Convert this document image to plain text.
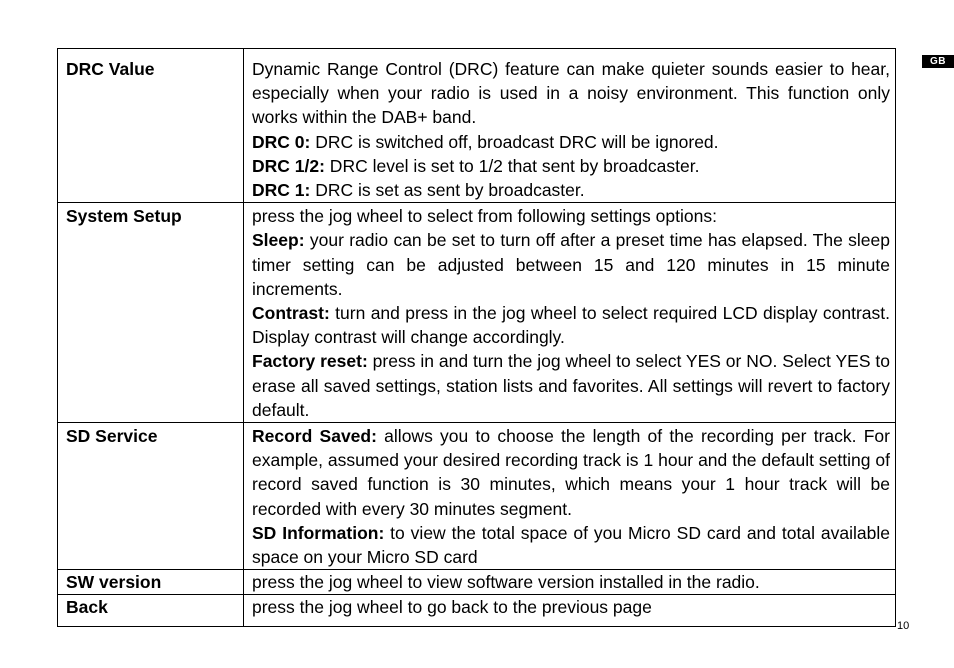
GB
DRC Value	Dynamic Range Control (DRC) feature can make quieter sounds easier to hear, especially when your radio is used in a noisy environment. This function only works within the DAB+ band.

DRC 0: DRC is switched off, broadcast DRC will be ignored.

DRC 1/2: DRC level is set to 1/2 that sent by broadcaster.

DRC 1: DRC is set as sent by broadcaster.

System Setup	press the jog wheel to select from following settings options:

Sleep: your radio can be set to turn off after a preset time has elapsed. The sleep timer setting can be adjusted between 15 and 120 minutes in 15 minute increments.

Contrast: turn and press in the jog wheel to select required LCD display contrast. Display contrast will change accordingly.

Factory reset: press in and turn the jog wheel to select YES or NO. Select YES to erase all saved settings, station lists and favorites. All settings will revert to factory default.

SD Service	Record Saved: allows you to choose the length of the recording per track. For example, assumed your desired recording track is 1 hour and the default setting of record saved function is 30 minutes, which means your 1 hour track will be recorded with every 30 minutes segment.

SD Information: to view the total space of you Micro SD card and total available space on your Micro SD card

SW version	press the jog wheel to view software version installed in the radio.

Back	press the jog wheel to go back to the previous page

10
